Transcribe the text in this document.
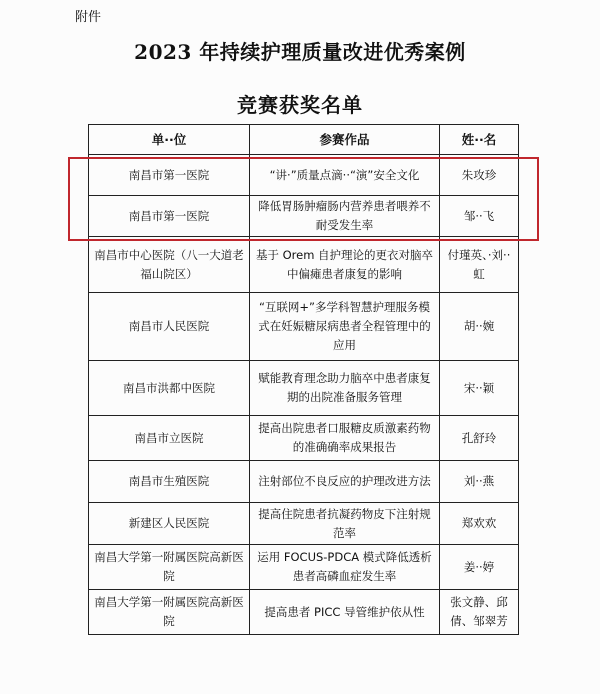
附件
2023 年持续护理质量改进优秀案例
竞赛获奖名单
单··位	参赛作品	姓··名
南昌市第一医院	“讲·”质量点滴··“演”安全文化	朱攻珍
南昌市第一医院	降低胃肠肿瘤肠内营养患者喂养不耐受发生率	邹··飞
南昌市中心医院（八一大道老福山院区）	基于 Orem 自护理论的更衣对脑卒中偏瘫患者康复的影响	付瑾英、·刘··虹
南昌市人民医院	“互联网+”多学科智慧护理服务模式在妊娠糖尿病患者全程管理中的应用	胡··婉
南昌市洪都中医院	赋能教育理念助力脑卒中患者康复期的出院准备服务管理	宋··颖
南昌市立医院	提高出院患者口服糖皮质激素药物的准确确率成果报告	孔舒玲
南昌市生殖医院	注射部位不良反应的护理改进方法	刘··燕
新建区人民医院	提高住院患者抗凝药物皮下注射规范率	郑欢欢
南昌大学第一附属医院高新医院	运用 FOCUS-PDCA 模式降低透析患者高磷血症发生率	姜··婷
南昌大学第一附属医院高新医院	提高患者 PICC 导管维护依从性	张文静、邱倩、邹翠芳
